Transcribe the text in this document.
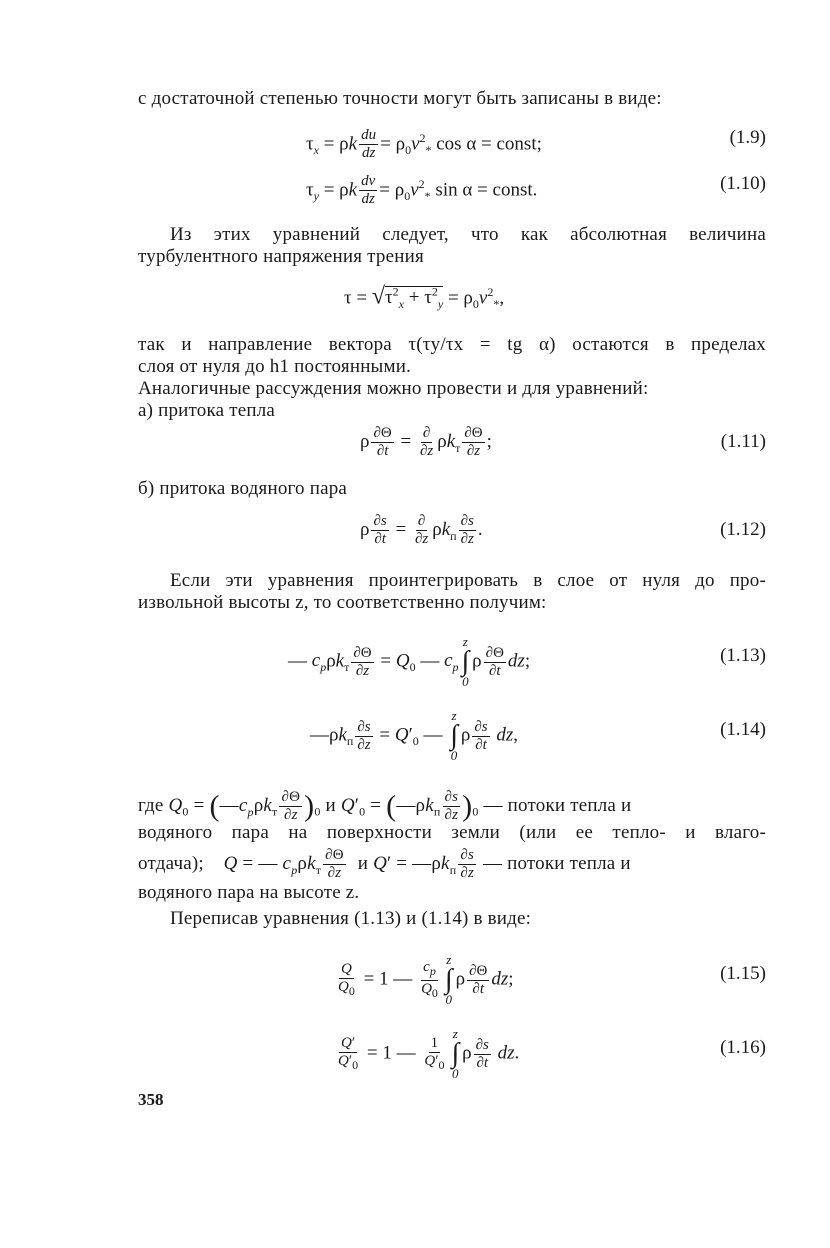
с достаточной степенью точности могут быть записаны в виде:
$\tau_x = \rho k \frac{du}{dz} = \rho_0v^2_*$ cos α = const;	(1.9)
$\tau_y = \rho k \frac{dv}{dz} = \rho_0v^2_*$ sin α = const.	(1.10)
Из этих уравнений следует, что как абсолютная величина
турбулентного напряжения трения
$\tau = √\tau^2_x + \tau^2_y = \rho_0v^2_*$,
так и направление вектора τ(τy/τx = tg α) остаются в пределах
слоя от нуля до h1 постоянными.
Аналогичные рассуждения можно провести и для уравнений:
а) притока тепла
ρ $\frac{\partial\Theta}{\partial t}$ = ∂
∂z $\rho k_т \frac{\partial\Theta}{\partial z}$ ;	(1.11)
б) притока водяного пара
ρ $\frac{\partial s}{\partial t}$ = ∂
∂z $\rho k_п \frac{\partial s}{\partial z}$ .	(1.12)
Если эти уравнения проинтегрировать в слое от нуля до про-
извольной высоты z, то соответственно получим:
— $c_p\rho k_т \frac{\partial\Theta}{\partial z} = Q_0$ — $c_p$
z
∫
0
ρ $\frac{\partial\Theta}{\partial t}$ dz;	(1.13)
$—\rho k_п \frac{\partial s}{\partial z} = Q'_0$ —
z
∫
0
ρ $\frac{\partial s}{\partial t}$ dz,	(1.14)
где $Q_0$ = $(—c_p\rho k_т \frac{\partial\Theta}{\partial z} )_0$ и $Q'_0$ = $(—\rho k_п \frac{\partial s}{\partial z} )_0$ — потоки тепла и
водяного пара на поверхности земли (или ее тепло- и влаго-
отдача); Q = — $c_p\rho k_т \frac{\partial\Theta}{\partial z}$ и $Q' = —\rho k_п \frac{\partial s}{\partial z}$ — потоки тепла и
водяного пара на высоте z.
Переписав уравнения (1.13) и (1.14) в виде:
$\frac{Q}{Q_0} = 1$ — $\frac{c_p}{Q_0}$ z
∫
0
ρ $\frac{\partial\Theta}{\partial t}$ dz;	(1.15)
$\frac{Q'}{Q'_0} = 1$ — $\frac{1}{Q'_0}$
z
∫
0
ρ $\frac{\partial s}{\partial t}$ dz.	(1.16)
358
